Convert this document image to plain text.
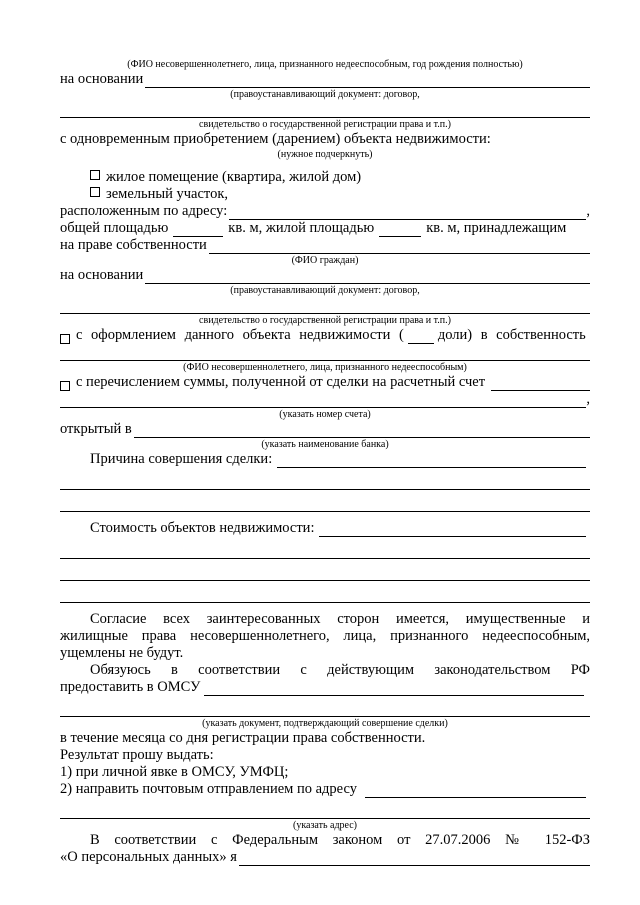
(ФИО несовершеннолетнего, лица, признанного недееспособным, год рождения полностью)
на основании
(правоустанавливающий документ: договор,
свидетельство о государственной регистрации права и т.п.)
с одновременным приобретением (дарением) объекта недвижимости:
(нужное подчеркнуть)
жилое помещение (квартира, жилой дом)
земельный участок,
расположенным по адресу:	,
общей площадью	кв. м, жилой площадью	кв. м, принадлежащим
на праве собственности
(ФИО граждан)
на основании
(правоустанавливающий документ: договор,
свидетельство о государственной регистрации права и т.п.)
с оформлением данного объекта недвижимости ( доли) в собственность
(ФИО несовершеннолетнего, лица, признанного недееспособным)
с перечислением суммы, полученной от сделки на расчетный счет
,
(указать номер счета)
открытый в
(указать наименование банка)
Причина совершения сделки:
Стоимость объектов недвижимости:
Согласие всех заинтересованных сторон имеется, имущественные и
жилищные права несовершеннолетнего, лица, признанного недееспособным,
ущемлены не будут.
Обязуюсь в соответствии с действующим законодательством РФ
предоставить в ОМСУ
(указать документ, подтверждающий совершение сделки)
в течение месяца со дня регистрации права собственности.
Результат прошу выдать:
1) при личной явке в ОМСУ, УМФЦ;
2) направить почтовым отправлением по адресу
(указать адрес)
В соответствии с Федеральным законом от 27.07.2006 № 152-ФЗ
«О персональных данных» я
